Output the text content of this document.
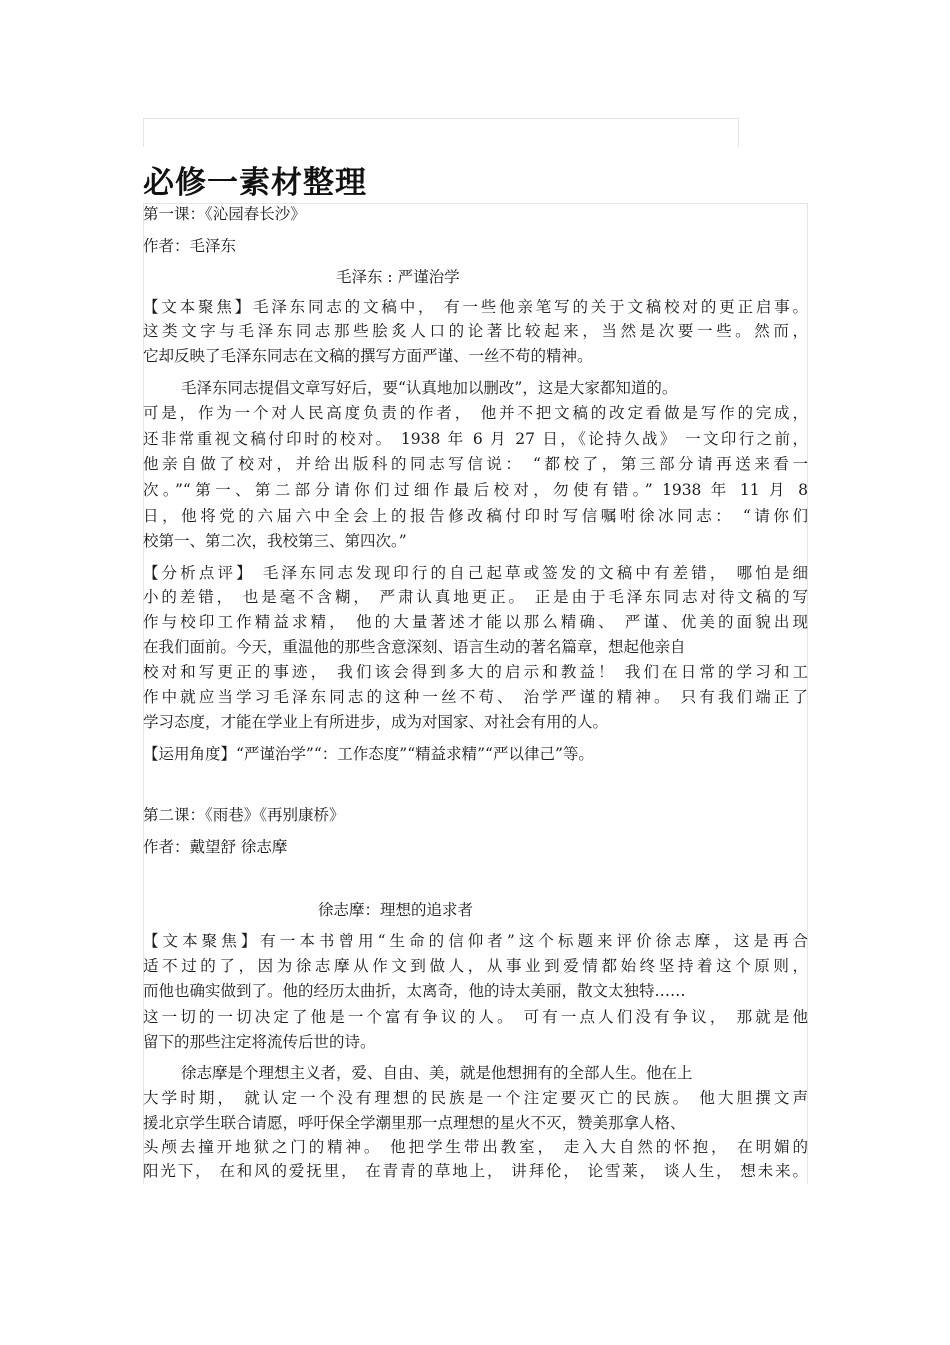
必修一素材整理

第一课：《沁园春长沙》

作者：毛泽东

毛泽东 : 严谨治学

【文本聚焦】毛泽东同志的文稿中， 有一些他亲笔写的关于文稿校对的更正启事。

这类文字与毛泽东同志那些脍炙人口的论著比较起来，当然是次要一些。然而，

它却反映了毛泽东同志在文稿的撰写方面严谨、一丝不苟的精神。

毛泽东同志提倡文章写好后，要“认真地加以删改”，这是大家都知道的。

可是，作为一个对人民高度负责的作者， 他并不把文稿的改定看做是写作的完成，

还非常重视文稿付印时的校对。 1938 年 6 月 27 日，《论持久战》 一文印行之前，

他亲自做了校对，并给出版科的同志写信说： “都校了，第三部分请再送来看一

次。”“第一、第二部分请你们过细作最后校对，勿使有错。” 1938 年 11 月 8

日，他将党的六届六中全会上的报告修改稿付印时写信嘱咐徐冰同志： “请你们

校第一、第二次，我校第三、第四次。”

【分析点评】 毛泽东同志发现印行的自己起草或签发的文稿中有差错， 哪怕是细

小的差错， 也是毫不含糊， 严肃认真地更正。 正是由于毛泽东同志对待文稿的写

作与校印工作精益求精， 他的大量著述才能以那么精确、 严谨、优美的面貌出现

在我们面前。今天，重温他的那些含意深刻、语言生动的著名篇章，想起他亲自

校对和写更正的事迹， 我们该会得到多大的启示和教益！ 我们在日常的学习和工

作中就应当学习毛泽东同志的这种一丝不苟、 治学严谨的精神。 只有我们端正了

学习态度，才能在学业上有所进步，成为对国家、对社会有用的人。

【运用角度】“严谨治学”“：工作态度”“精益求精”“严以律己”等。

第二课：《雨巷》《再别康桥》

作者：戴望舒 徐志摩

徐志摩：理想的追求者

【文本聚焦】有一本书曾用“生命的信仰者”这个标题来评价徐志摩，这是再合

适不过的了，因为徐志摩从作文到做人，从事业到爱情都始终坚持着这个原则，

而他也确实做到了。他的经历太曲折，太离奇，他的诗太美丽，散文太独特……

这一切的一切决定了他是一个富有争议的人。 可有一点人们没有争议， 那就是他

留下的那些注定将流传后世的诗。

徐志摩是个理想主义者，爱、自由、美，就是他想拥有的全部人生。他在上

大学时期， 就认定一个没有理想的民族是一个注定要灭亡的民族。 他大胆撰文声

援北京学生联合请愿，呼吁保全学潮里那一点理想的星火不灭，赞美那拿人格、

头颅去撞开地狱之门的精神。 他把学生带出教室， 走入大自然的怀抱， 在明媚的

阳光下， 在和风的爱抚里， 在青青的草地上， 讲拜伦， 论雪莱， 谈人生， 想未来。
